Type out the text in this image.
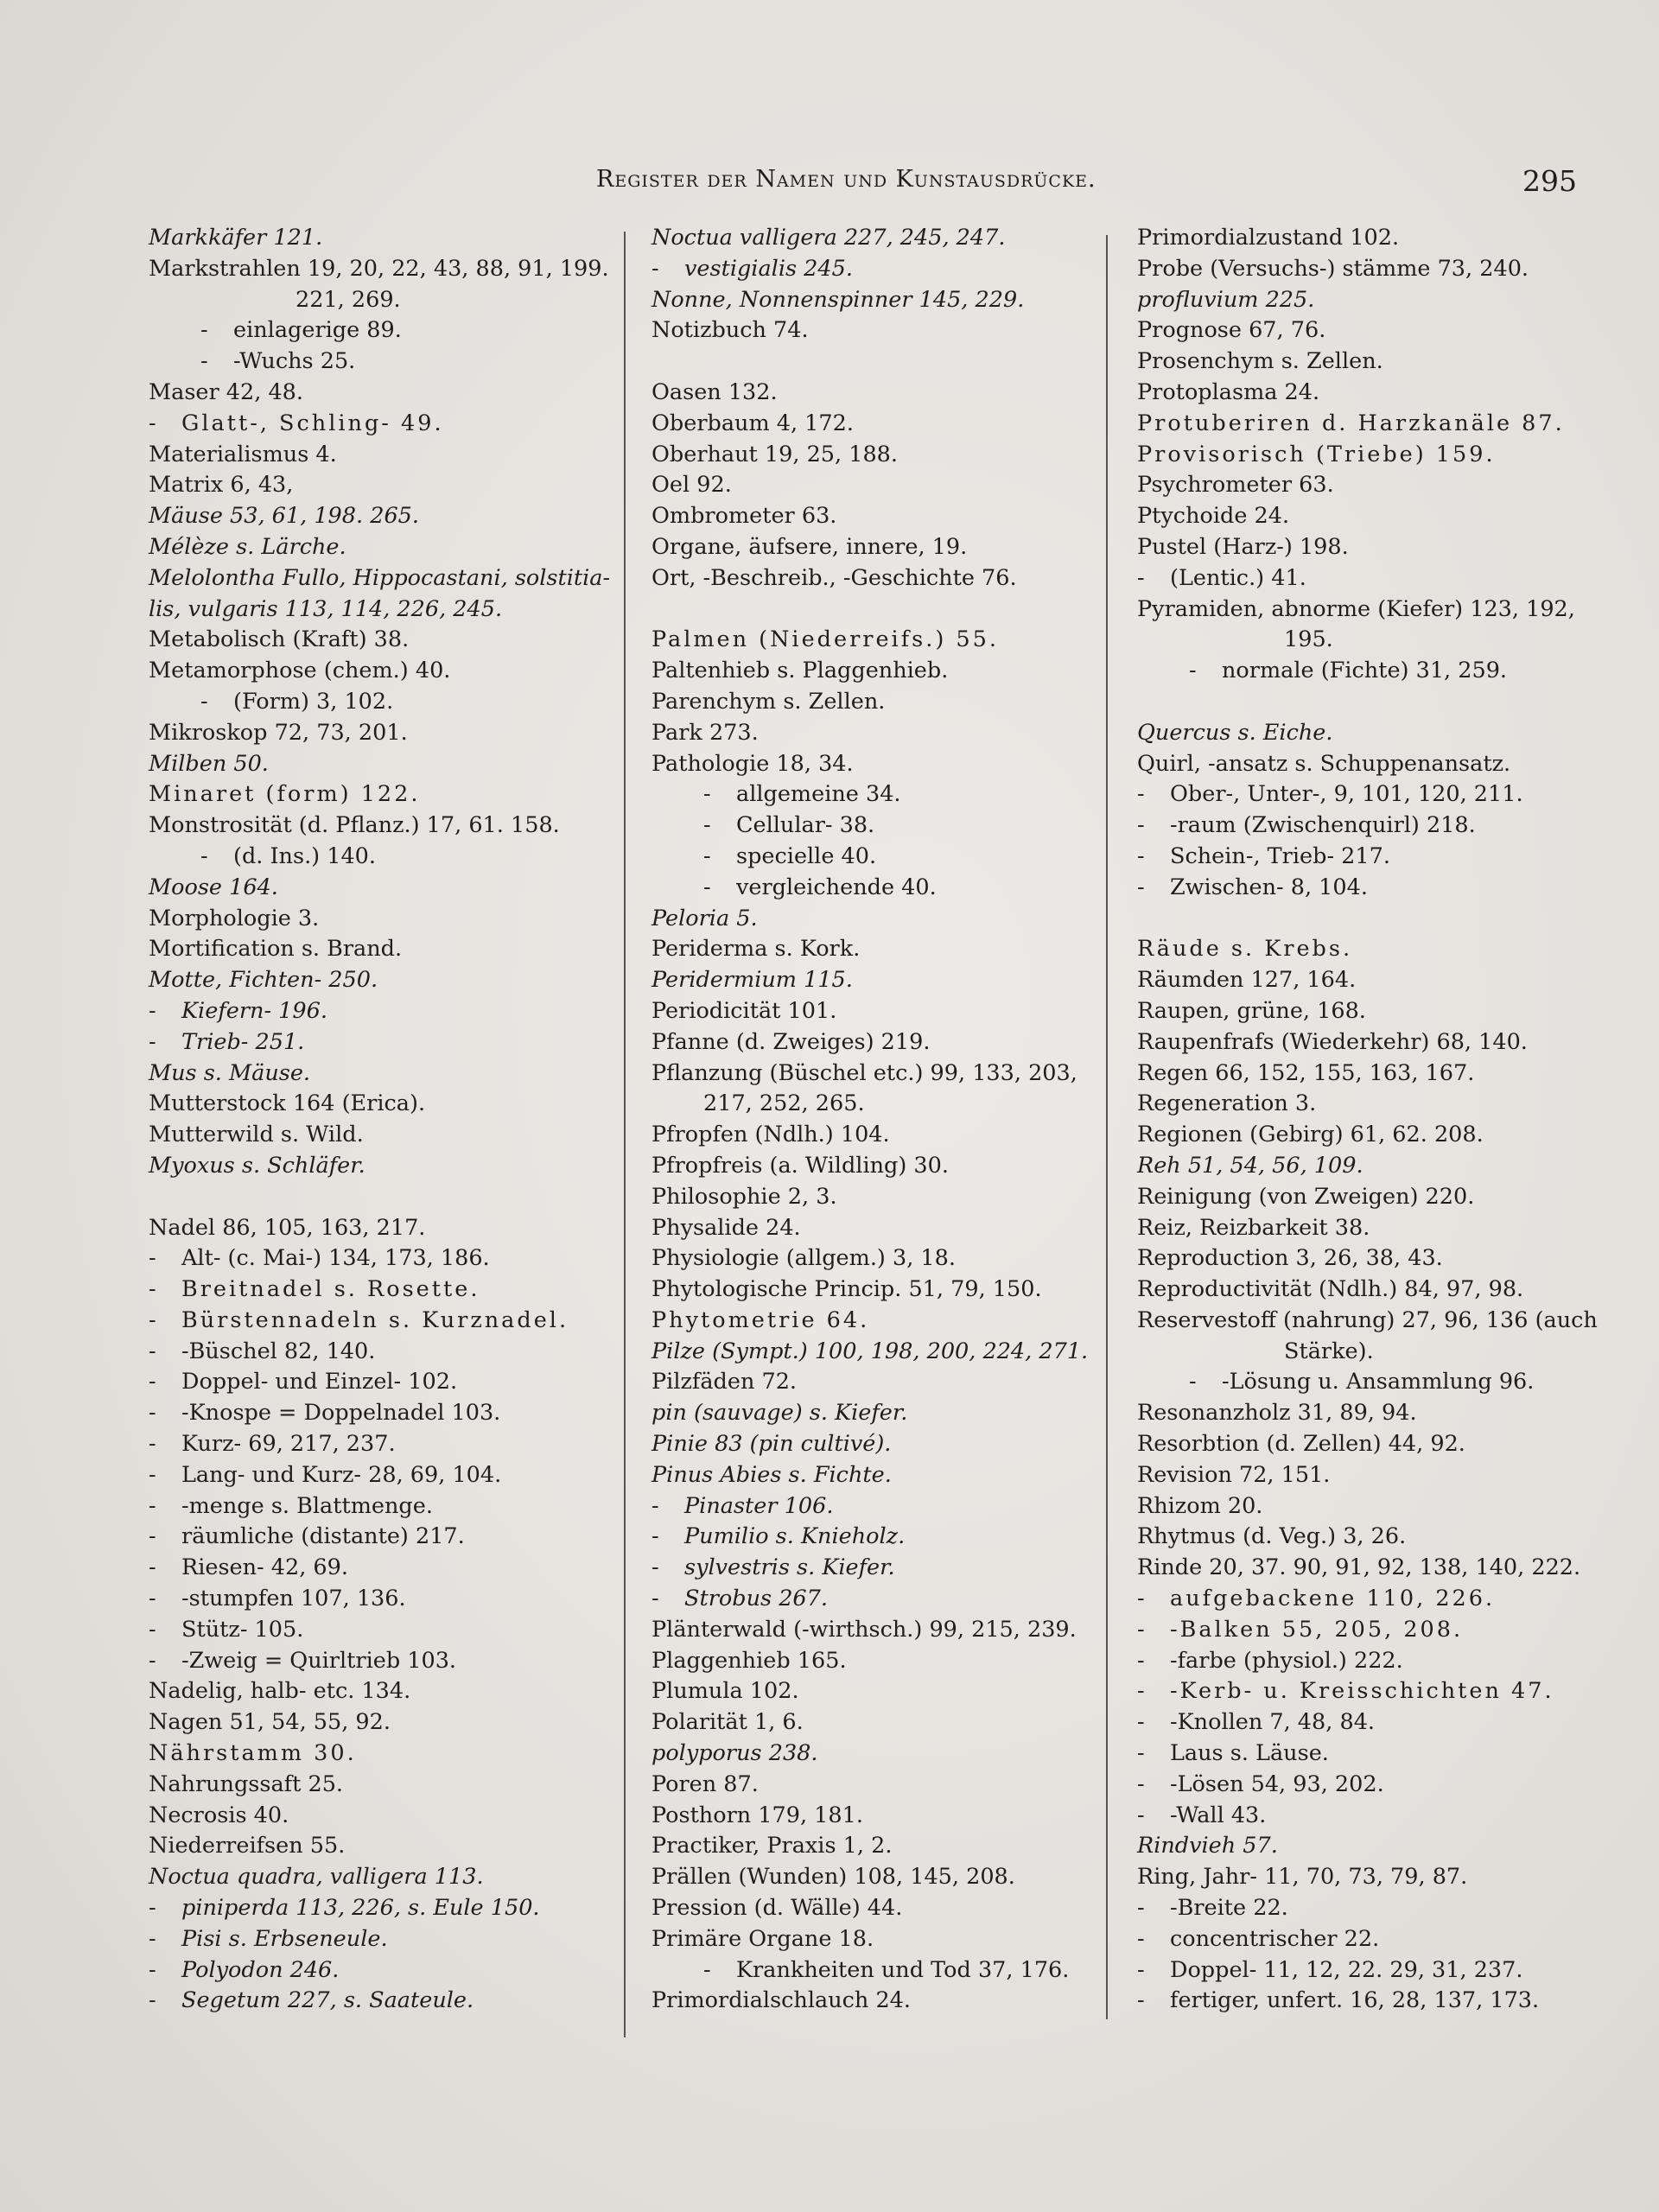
Register der Namen und Kunstausdrücke.	295
Markkäfer 121.
Markstrahlen 19, 20, 22, 43, 88, 91, 199.
221, 269.
- einlagerige 89.
- -Wuchs 25.
Maser 42, 48.
- Glatt-, Schling- 49.
Materialismus 4.
Matrix 6, 43,
Mäuse 53, 61, 198. 265.
Mélèze s. Lärche.
Melolontha Fullo, Hippocastani, solstitia-
lis, vulgaris 113, 114, 226, 245.
Metabolisch (Kraft) 38.
Metamorphose (chem.) 40.
- (Form) 3, 102.
Mikroskop 72, 73, 201.
Milben 50.
Minaret (form) 122.
Monstrosität (d. Pflanz.) 17, 61. 158.
- (d. Ins.) 140.
Moose 164.
Morphologie 3.
Mortification s. Brand.
Motte, Fichten- 250.
- Kiefern- 196.
- Trieb- 251.
Mus s. Mäuse.
Mutterstock 164 (Erica).
Mutterwild s. Wild.
Myoxus s. Schläfer.
Nadel 86, 105, 163, 217.
- Alt- (c. Mai-) 134, 173, 186.
- Breitnadel s. Rosette.
- Bürstennadeln s. Kurznadel.
- -Büschel 82, 140.
- Doppel- und Einzel- 102.
- -Knospe = Doppelnadel 103.
- Kurz- 69, 217, 237.
- Lang- und Kurz- 28, 69, 104.
- -menge s. Blattmenge.
- räumliche (distante) 217.
- Riesen- 42, 69.
- -stumpfen 107, 136.
- Stütz- 105.
- -Zweig = Quirltrieb 103.
Nadelig, halb- etc. 134.
Nagen 51, 54, 55, 92.
Nährstamm 30.
Nahrungssaft 25.
Necrosis 40.
Niederreifsen 55.
Noctua quadra, valligera 113.
- piniperda 113, 226, s. Eule 150.
- Pisi s. Erbseneule.
- Polyodon 246.
- Segetum 227, s. Saateule.
Noctua valligera 227, 245, 247.
- vestigialis 245.
Nonne, Nonnenspinner 145, 229.
Notizbuch 74.
Oasen 132.
Oberbaum 4, 172.
Oberhaut 19, 25, 188.
Oel 92.
Ombrometer 63.
Organe, äufsere, innere, 19.
Ort, -Beschreib., -Geschichte 76.
Palmen (Niederreifs.) 55.
Paltenhieb s. Plaggenhieb.
Parenchym s. Zellen.
Park 273.
Pathologie 18, 34.
- allgemeine 34.
- Cellular- 38.
- specielle 40.
- vergleichende 40.
Peloria 5.
Periderma s. Kork.
Peridermium 115.
Periodicität 101.
Pfanne (d. Zweiges) 219.
Pflanzung (Büschel etc.) 99, 133, 203,
217, 252, 265.
Pfropfen (Ndlh.) 104.
Pfropfreis (a. Wildling) 30.
Philosophie 2, 3.
Physalide 24.
Physiologie (allgem.) 3, 18.
Phytologische Princip. 51, 79, 150.
Phytometrie 64.
Pilze (Sympt.) 100, 198, 200, 224, 271.
Pilzfäden 72.
pin (sauvage) s. Kiefer.
Pinie 83 (pin cultivé).
Pinus Abies s. Fichte.
- Pinaster 106.
- Pumilio s. Knieholz.
- sylvestris s. Kiefer.
- Strobus 267.
Plänterwald (-wirthsch.) 99, 215, 239.
Plaggenhieb 165.
Plumula 102.
Polarität 1, 6.
polyporus 238.
Poren 87.
Posthorn 179, 181.
Practiker, Praxis 1, 2.
Prällen (Wunden) 108, 145, 208.
Pression (d. Wälle) 44.
Primäre Organe 18.
- Krankheiten und Tod 37, 176.
Primordialschlauch 24.
Primordialzustand 102.
Probe (Versuchs-) stämme 73, 240.
profluvium 225.
Prognose 67, 76.
Prosenchym s. Zellen.
Protoplasma 24.
Protuberiren d. Harzkanäle 87.
Provisorisch (Triebe) 159.
Psychrometer 63.
Ptychoide 24.
Pustel (Harz-) 198.
- (Lentic.) 41.
Pyramiden, abnorme (Kiefer) 123, 192,
195.
- normale (Fichte) 31, 259.
Quercus s. Eiche.
Quirl, -ansatz s. Schuppenansatz.
- Ober-, Unter-, 9, 101, 120, 211.
- -raum (Zwischenquirl) 218.
- Schein-, Trieb- 217.
- Zwischen- 8, 104.
Räude s. Krebs.
Räumden 127, 164.
Raupen, grüne, 168.
Raupenfrafs (Wiederkehr) 68, 140.
Regen 66, 152, 155, 163, 167.
Regeneration 3.
Regionen (Gebirg) 61, 62. 208.
Reh 51, 54, 56, 109.
Reinigung (von Zweigen) 220.
Reiz, Reizbarkeit 38.
Reproduction 3, 26, 38, 43.
Reproductivität (Ndlh.) 84, 97, 98.
Reservestoff (nahrung) 27, 96, 136 (auch
Stärke).
- -Lösung u. Ansammlung 96.
Resonanzholz 31, 89, 94.
Resorbtion (d. Zellen) 44, 92.
Revision 72, 151.
Rhizom 20.
Rhytmus (d. Veg.) 3, 26.
Rinde 20, 37. 90, 91, 92, 138, 140, 222.
- aufgebackene 110, 226.
- -Balken 55, 205, 208.
- -farbe (physiol.) 222.
- -Kerb- u. Kreisschichten 47.
- -Knollen 7, 48, 84.
- Laus s. Läuse.
- -Lösen 54, 93, 202.
- -Wall 43.
Rindvieh 57.
Ring, Jahr- 11, 70, 73, 79, 87.
- -Breite 22.
- concentrischer 22.
- Doppel- 11, 12, 22. 29, 31, 237.
- fertiger, unfert. 16, 28, 137, 173.
